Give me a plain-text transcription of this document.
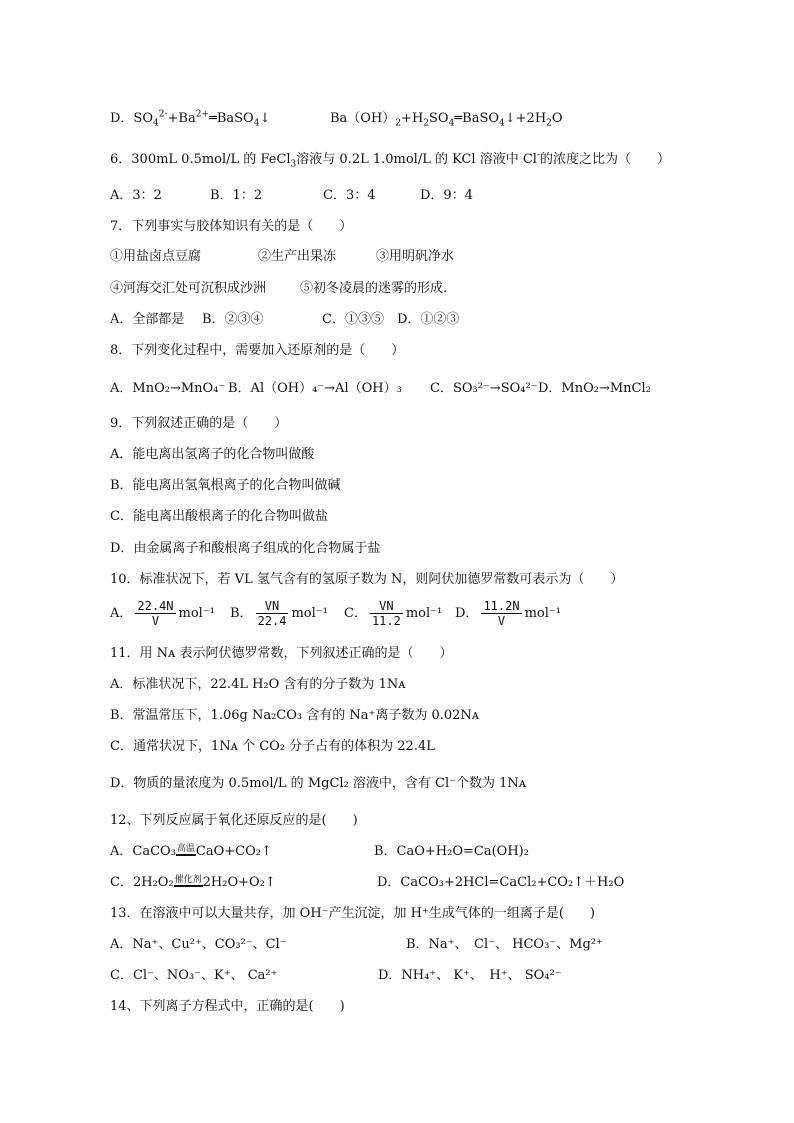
D．$SO_4^{2-}+Ba^{2+}═BaSO_4↓$	$Ba(OH)_2+H_2SO_4═BaSO_4↓+2H_2O$
6．300mL 0.5mol/L 的 FeCl$_3$溶液与 0.2L 1.0mol/L 的 KCl 溶液中 Cl-的浓度之比为（　　）
A．3：2	B．1：2	C．3：4	D．9：4
7．下列事实与胶体知识有关的是（　　）
①用盐卤点豆腐	②生产出果冻	③用明矾净水
④河海交汇处可沉积成沙洲	⑤初冬凌晨的迷雾的形成.
A．全部都是 B．②③④	C．①③⑤ D．①②③
8．下列变化过程中，需要加入还原剂的是（　　）
A．MnO₂→MnO₄⁻ B．Al（OH）₄⁻→Al（OH）₃ C．SO₃²⁻→SO₄²⁻ D．MnO₂→MnCl₂
9．下列叙述正确的是（　　）
A．能电离出氢离子的化合物叫做酸
B．能电离出氢氧根离子的化合物叫做碱
C．能电离出酸根离子的化合物叫做盐
D．由金属离子和酸根离子组成的化合物属于盐
10．标准状况下，若 VL 氢气含有的氢原子数为 N，则阿伏加德罗常数可表示为（　　）
A． $\frac{22.4N}{V} mol^{-1}$ B． $\frac{VN}{22.4} mol^{-1}$ C． $\frac{VN}{11.2} mol^{-1}$ D． $\frac{11.2N}{V} mol^{-1}$
11．用 Nᴀ 表示阿伏德罗常数，下列叙述正确的是（　　）
A．标准状况下，22.4L H₂O 含有的分子数为 1Nᴀ
B．常温常压下，1.06g Na₂CO₃ 含有的 Na⁺离子数为 0.02Nᴀ
C．通常状况下，1Nᴀ 个 CO₂ 分子占有的体积为 22.4L
D．物质的量浓度为 0.5mol/L 的 MgCl₂ 溶液中，含有 Cl⁻个数为 1Nᴀ
12、下列反应属于氧化还原反应的是(　　)
A．CaCO₃高温CaO+CO₂↑	B．CaO+H₂O=Ca(OH)₂
C．2H₂O₂催化剂2H₂O+O₂↑	D．CaCO₃+2HCl=CaCl₂+CO₂↑＋H₂O
13．在溶液中可以大量共存，加 OH⁻产生沉淀，加 H⁺生成气体的一组离子是(　　)
A．Na⁺、Cu²⁺、CO₃²⁻、Cl⁻	B．Na⁺、　Cl⁻、 HCO₃⁻、Mg²⁺
C．Cl⁻、NO₃⁻、K⁺、 Ca²⁺	D．NH₄⁺、 K⁺、　H⁺、 SO₄²⁻
14、下列离子方程式中，正确的是(　　)
